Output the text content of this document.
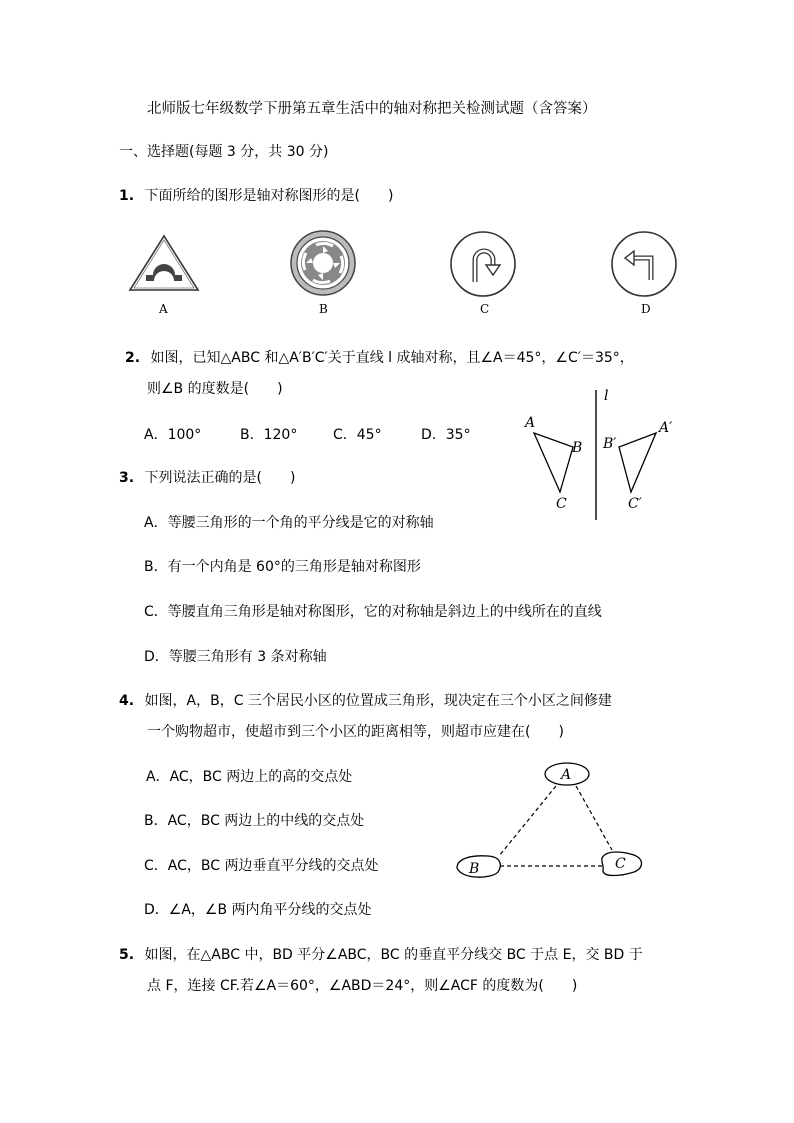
北师版七年级数学下册第五章生活中的轴对称把关检测试题（含答案）
一、选择题(每题 3 分，共 30 分)
1. 下面所给的图形是轴对称图形的是(　　)
A	B	C	D
2. 如图，已知△ABC 和△A′B′C′关于直线 l 成轴对称，且∠A＝45°，∠C′＝35°，
则∠B 的度数是(　　)
A．100°	B．120°	C．45°	D．35°
l
A
B
C
A′
B′
C′
3. 下列说法正确的是(　　)
A．等腰三角形的一个角的平分线是它的对称轴
B．有一个内角是 60°的三角形是轴对称图形
C．等腰直角三角形是轴对称图形，它的对称轴是斜边上的中线所在的直线
D．等腰三角形有 3 条对称轴
4. 如图，A，B，C 三个居民小区的位置成三角形，现决定在三个小区之间修建
一个购物超市，使超市到三个小区的距离相等，则超市应建在(　　)
A．AC，BC 两边上的高的交点处
B．AC，BC 两边上的中线的交点处
C．AC，BC 两边垂直平分线的交点处
D．∠A，∠B 两内角平分线的交点处
A
B	C
5. 如图，在△ABC 中，BD 平分∠ABC，BC 的垂直平分线交 BC 于点 E，交 BD 于
点 F，连接 CF.若∠A＝60°，∠ABD＝24°，则∠ACF 的度数为(　　)
